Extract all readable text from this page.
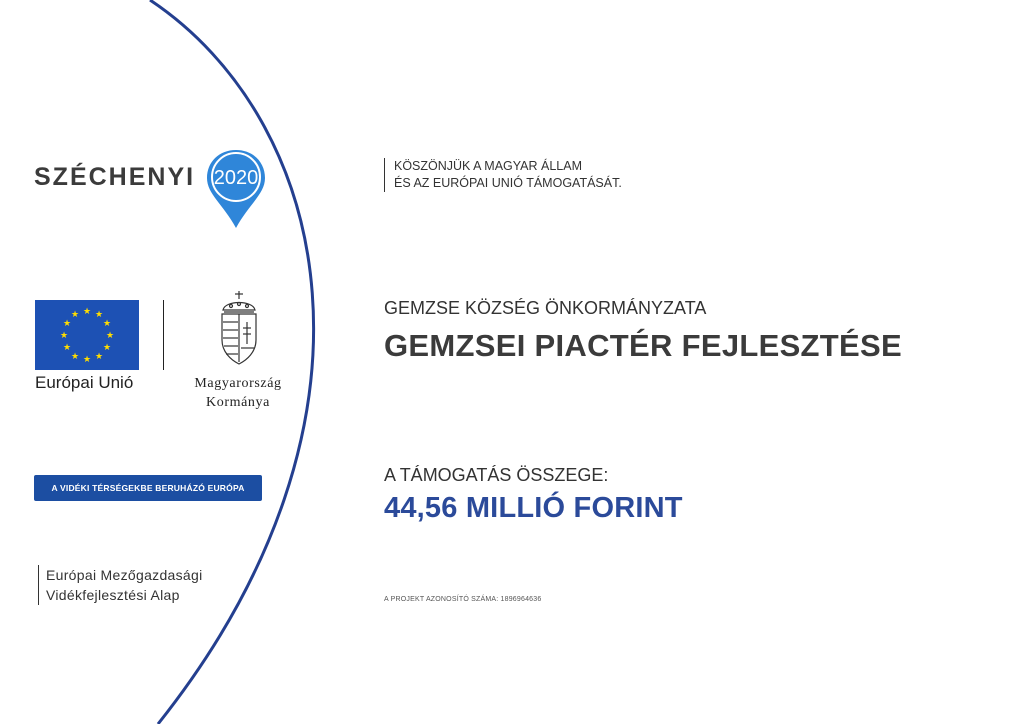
SZÉCHENYI 2020
★ ★
★
★
★
★
★
★
★
★
★
★
Európai Unió	Magyarország
Kormánya
A VIDÉKI TÉRSÉGEKBE BERUHÁZÓ EURÓPA
Európai Mezőgazdasági
Vidékfejlesztési Alap
KÖSZÖNJÜK A MAGYAR ÁLLAM
ÉS AZ EURÓPAI UNIÓ TÁMOGATÁSÁT.
GEMZSE KÖZSÉG ÖNKORMÁNYZATA
GEMZSEI PIACTÉR FEJLESZTÉSE
A TÁMOGATÁS ÖSSZEGE:
44,56 MILLIÓ FORINT
A PROJEKT AZONOSÍTÓ SZÁMA: 1896964636
